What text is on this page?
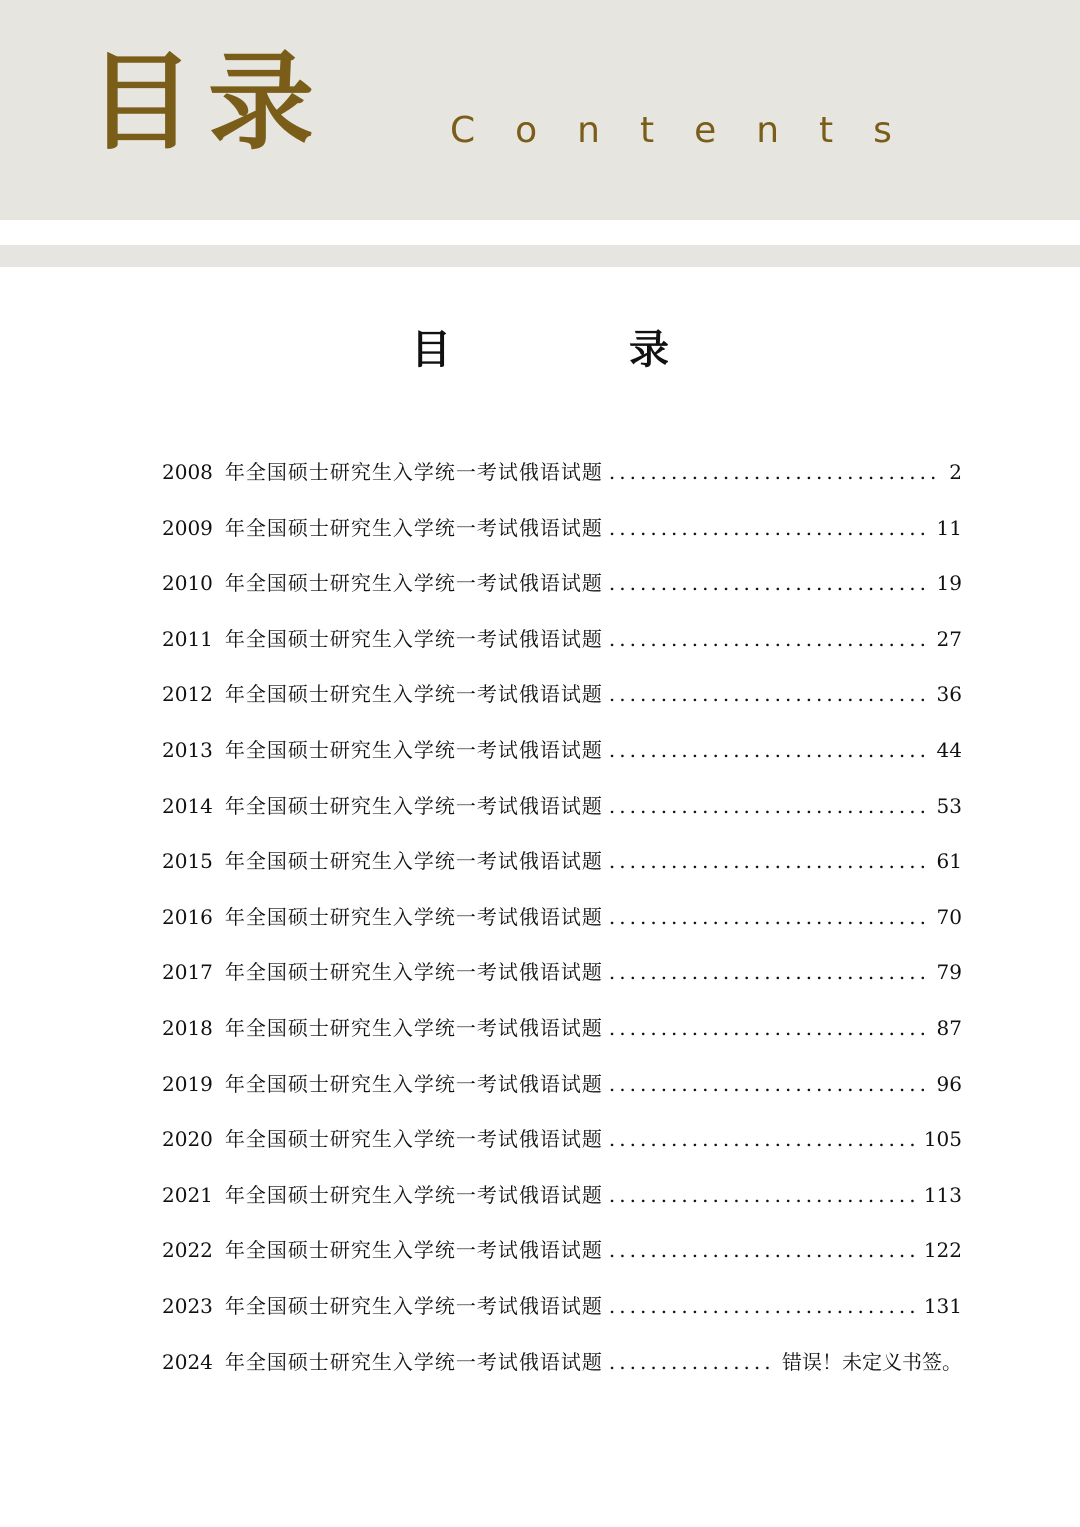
目录	Contents
目	录
2008 年全国硕士研究生入学统一考试俄语试题 .....	2
2009 年全国硕士研究生入学统一考试俄语试题 .....	11
2010 年全国硕士研究生入学统一考试俄语试题 .....	19
2011 年全国硕士研究生入学统一考试俄语试题 .....	27
2012 年全国硕士研究生入学统一考试俄语试题 .....	36
2013 年全国硕士研究生入学统一考试俄语试题 .....	44
2014 年全国硕士研究生入学统一考试俄语试题 .....	53
2015 年全国硕士研究生入学统一考试俄语试题 .....	61
2016 年全国硕士研究生入学统一考试俄语试题 .....	70
2017 年全国硕士研究生入学统一考试俄语试题 .....	79
2018 年全国硕士研究生入学统一考试俄语试题 .....	87
2019 年全国硕士研究生入学统一考试俄语试题 .....	96
2020 年全国硕士研究生入学统一考试俄语试题 .....	105
2021 年全国硕士研究生入学统一考试俄语试题 .....	113
2022 年全国硕士研究生入学统一考试俄语试题 .....	122
2023 年全国硕士研究生入学统一考试俄语试题 .....	131
2024 年全国硕士研究生入学统一考试俄语试题 .....	错误！未定义书签。
